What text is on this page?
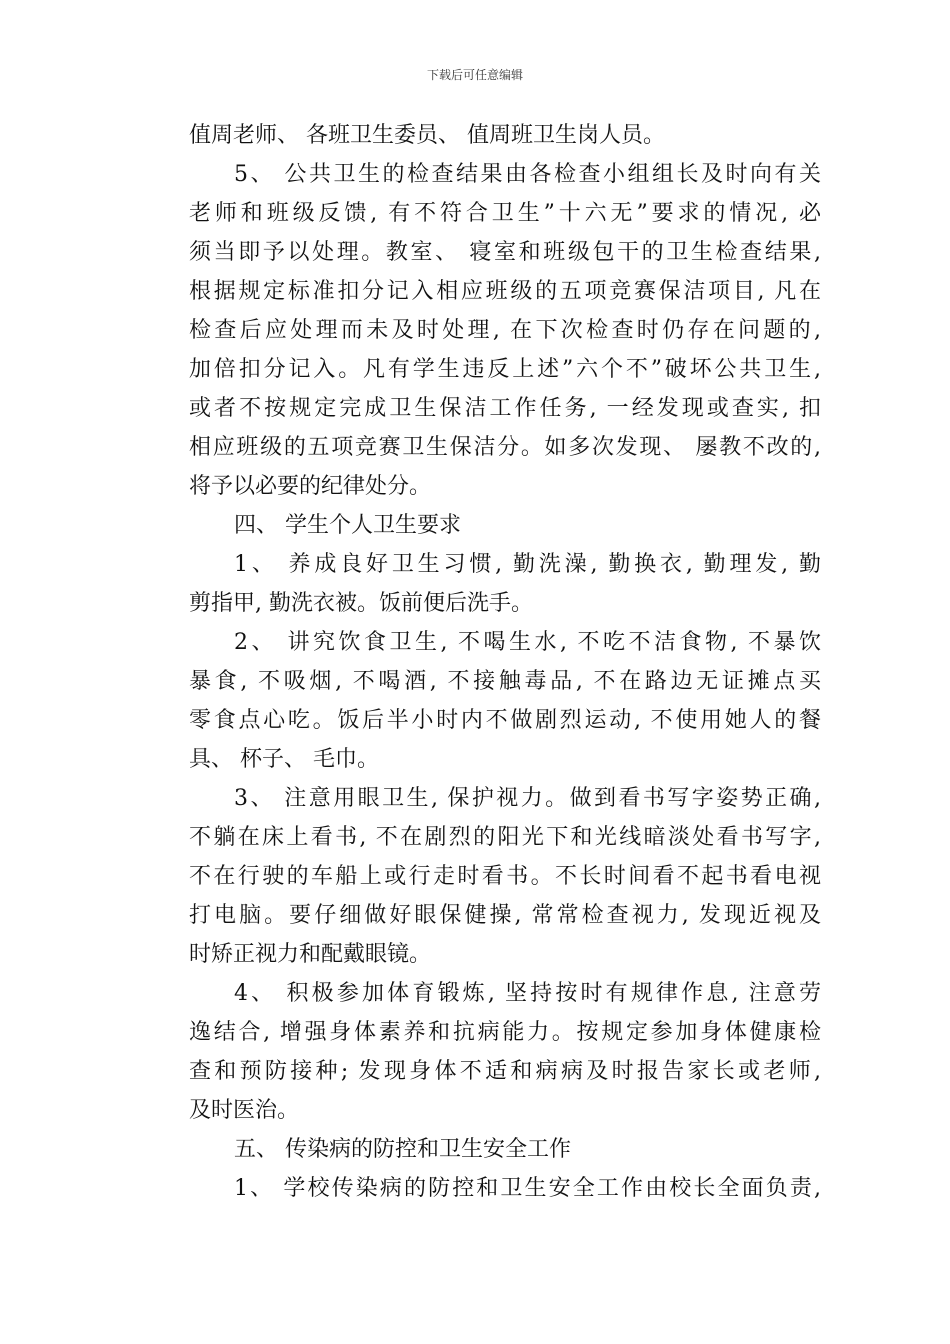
下载后可任意编辑
值周老师、 各班卫生委员、 值周班卫生岗人员。
5、 公共卫生的检查结果由各检查小组组长及时向有关
老师和班级反馈, 有不符合卫生”十六无”要求的情况, 必
须当即予以处理。教室、 寝室和班级包干的卫生检查结果,
根据规定标准扣分记入相应班级的五项竞赛保洁项目, 凡在
检查后应处理而未及时处理, 在下次检查时仍存在问题的,
加倍扣分记入。凡有学生违反上述”六个不”破坏公共卫生,
或者不按规定完成卫生保洁工作任务, 一经发现或查实, 扣
相应班级的五项竞赛卫生保洁分。如多次发现、 屡教不改的,
将予以必要的纪律处分。
四、 学生个人卫生要求
1、 养成良好卫生习惯, 勤洗澡, 勤换衣, 勤理发, 勤
剪指甲, 勤洗衣被。饭前便后洗手。
2、 讲究饮食卫生, 不喝生水, 不吃不洁食物, 不暴饮
暴食, 不吸烟, 不喝酒, 不接触毒品, 不在路边无证摊点买
零食点心吃。饭后半小时内不做剧烈运动, 不使用她人的餐
具、 杯子、 毛巾。
3、 注意用眼卫生, 保护视力。做到看书写字姿势正确,
不躺在床上看书, 不在剧烈的阳光下和光线暗淡处看书写字,
不在行驶的车船上或行走时看书。不长时间看不起书看电视
打电脑。要仔细做好眼保健操, 常常检查视力, 发现近视及
时矫正视力和配戴眼镜。
4、 积极参加体育锻炼, 坚持按时有规律作息, 注意劳
逸结合, 增强身体素养和抗病能力。按规定参加身体健康检
查和预防接种; 发现身体不适和病病及时报告家长或老师,
及时医治。
五、 传染病的防控和卫生安全工作
1、 学校传染病的防控和卫生安全工作由校长全面负责,
